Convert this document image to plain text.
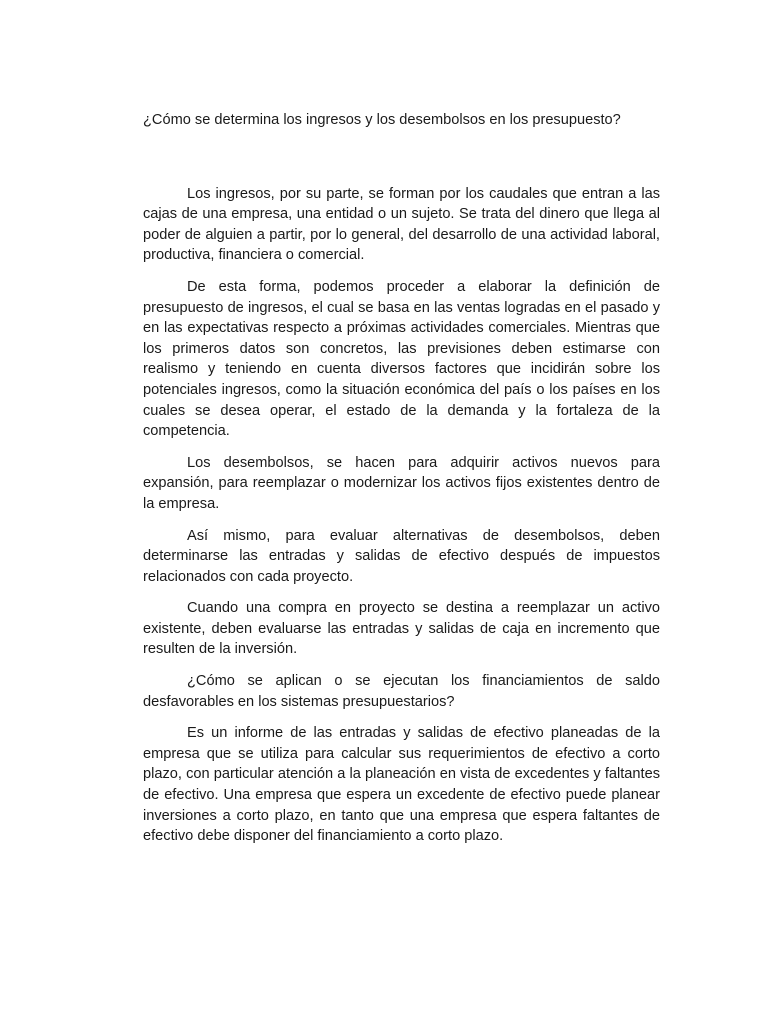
¿Cómo se determina los ingresos y los desembolsos en los presupuesto?

Los ingresos, por su parte, se forman por los caudales que entran a las cajas de una empresa, una entidad o un sujeto. Se trata del dinero que llega al poder de alguien a partir, por lo general, del desarrollo de una actividad laboral, productiva, financiera o comercial.

De esta forma, podemos proceder a elaborar la definición de presupuesto de ingresos, el cual se basa en las ventas logradas en el pasado y en las expectativas respecto a próximas actividades comerciales. Mientras que los primeros datos son concretos, las previsiones deben estimarse con realismo y teniendo en cuenta diversos factores que incidirán sobre los potenciales ingresos, como la situación económica del país o los países en los cuales se desea operar, el estado de la demanda y la fortaleza de la competencia.

Los desembolsos, se hacen para adquirir activos nuevos para expansión, para reemplazar o modernizar los activos fijos existentes dentro de la empresa.

Así mismo, para evaluar alternativas de desembolsos, deben determinarse las entradas y salidas de efectivo después de impuestos relacionados con cada proyecto.

Cuando una compra en proyecto se destina a reemplazar un activo existente, deben evaluarse las entradas y salidas de caja en incremento que resulten de la inversión.

¿Cómo se aplican o se ejecutan los financiamientos de saldo desfavorables en los sistemas presupuestarios?

Es un informe de las entradas y salidas de efectivo planeadas de la empresa que se utiliza para calcular sus requerimientos de efectivo a corto plazo, con particular atención a la planeación en vista de excedentes y faltantes de efectivo. Una empresa que espera un excedente de efectivo puede planear inversiones a corto plazo, en tanto que una empresa que espera faltantes de efectivo debe disponer del financiamiento a corto plazo.
